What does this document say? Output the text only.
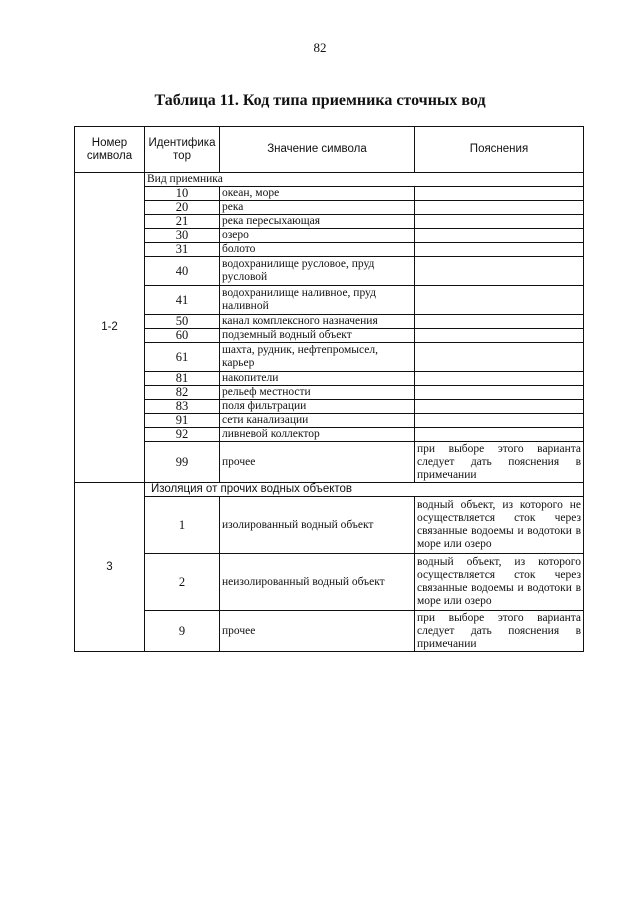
82
Таблица 11. Код типа приемника сточных вод
Номер символа	Идентифика тор	Значение символа	Пояснения
1-2	Вид приемника		
	10	океан, море	
	20	река	
	21	река пересыхающая	
	30	озеро	
	31	болото	
	40	водохранилище русловое, пруд русловой	
	41	водохранилище наливное, пруд наливной	
	50	канал комплексного назначения	
	60	подземный водный объект	
	61	шахта, рудник, нефтепромысел, карьер	
	81	накопители	
	82	рельеф местности	
	83	поля фильтрации	
	91	сети канализации	
	92	ливневой коллектор	
	99	прочее	при выборе этого варианта следует дать пояснения в примечании
3	Изоляция от прочих водных объектов		
	1	изолированный водный объект	водный объект, из которого не осуществляется сток через связанные водоемы и водотоки в море или озеро
	2	неизолированный водный объект	водный объект, из которого осуществляется сток через связанные водоемы и водотоки в море или озеро
	9	прочее	при выборе этого варианта следует дать пояснения в примечании
